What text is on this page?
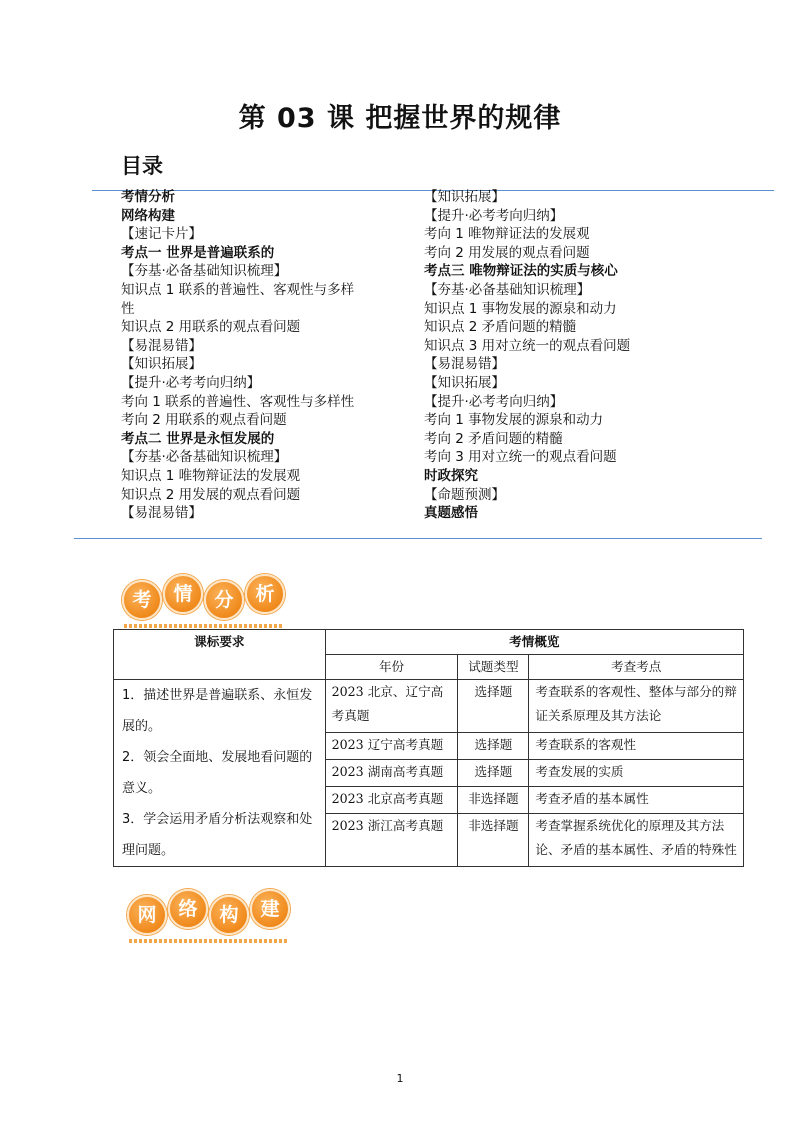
第 03 课 把握世界的规律
目录
考情分析
网络构建
【速记卡片】
考点一 世界是普遍联系的
【夯基·必备基础知识梳理】
知识点 1 联系的普遍性、客观性与多样
性
知识点 2 用联系的观点看问题
【易混易错】
【知识拓展】
【提升·必考考向归纳】
考向 1 联系的普遍性、客观性与多样性
考向 2 用联系的观点看问题
考点二 世界是永恒发展的
【夯基·必备基础知识梳理】
知识点 1 唯物辩证法的发展观
知识点 2 用发展的观点看问题
【易混易错】
【知识拓展】
【提升·必考考向归纳】
考向 1 唯物辩证法的发展观
考向 2 用发展的观点看问题
考点三 唯物辩证法的实质与核心
【夯基·必备基础知识梳理】
知识点 1 事物发展的源泉和动力
知识点 2 矛盾问题的精髓
知识点 3 用对立统一的观点看问题
【易混易错】
【知识拓展】
【提升·必考考向归纳】
考向 1 事物发展的源泉和动力
考向 2 矛盾问题的精髓
考向 3 用对立统一的观点看问题
时政探究
【命题预测】
真题感悟
考	情	分	析
课标要求	考情概览		
	年份	试题类型	考查考点

1．描述世界是普遍联系、永恒发展的。
2．领会全面地、发展地看问题的意义。
3．学会运用矛盾分析法观察和处理问题。	2023 北京、辽宁高考真题	选择题	考查联系的客观性、整体与部分的辩证关系原理及其方法论
	2023 辽宁高考真题	选择题	考查联系的客观性
	2023 湖南高考真题	选择题	考查发展的实质
	2023 北京高考真题	非选择题	考查矛盾的基本属性
	2023 浙江高考真题	非选择题	考查掌握系统优化的原理及其方法论、矛盾的基本属性、矛盾的特殊性
网	络	构	建
1
